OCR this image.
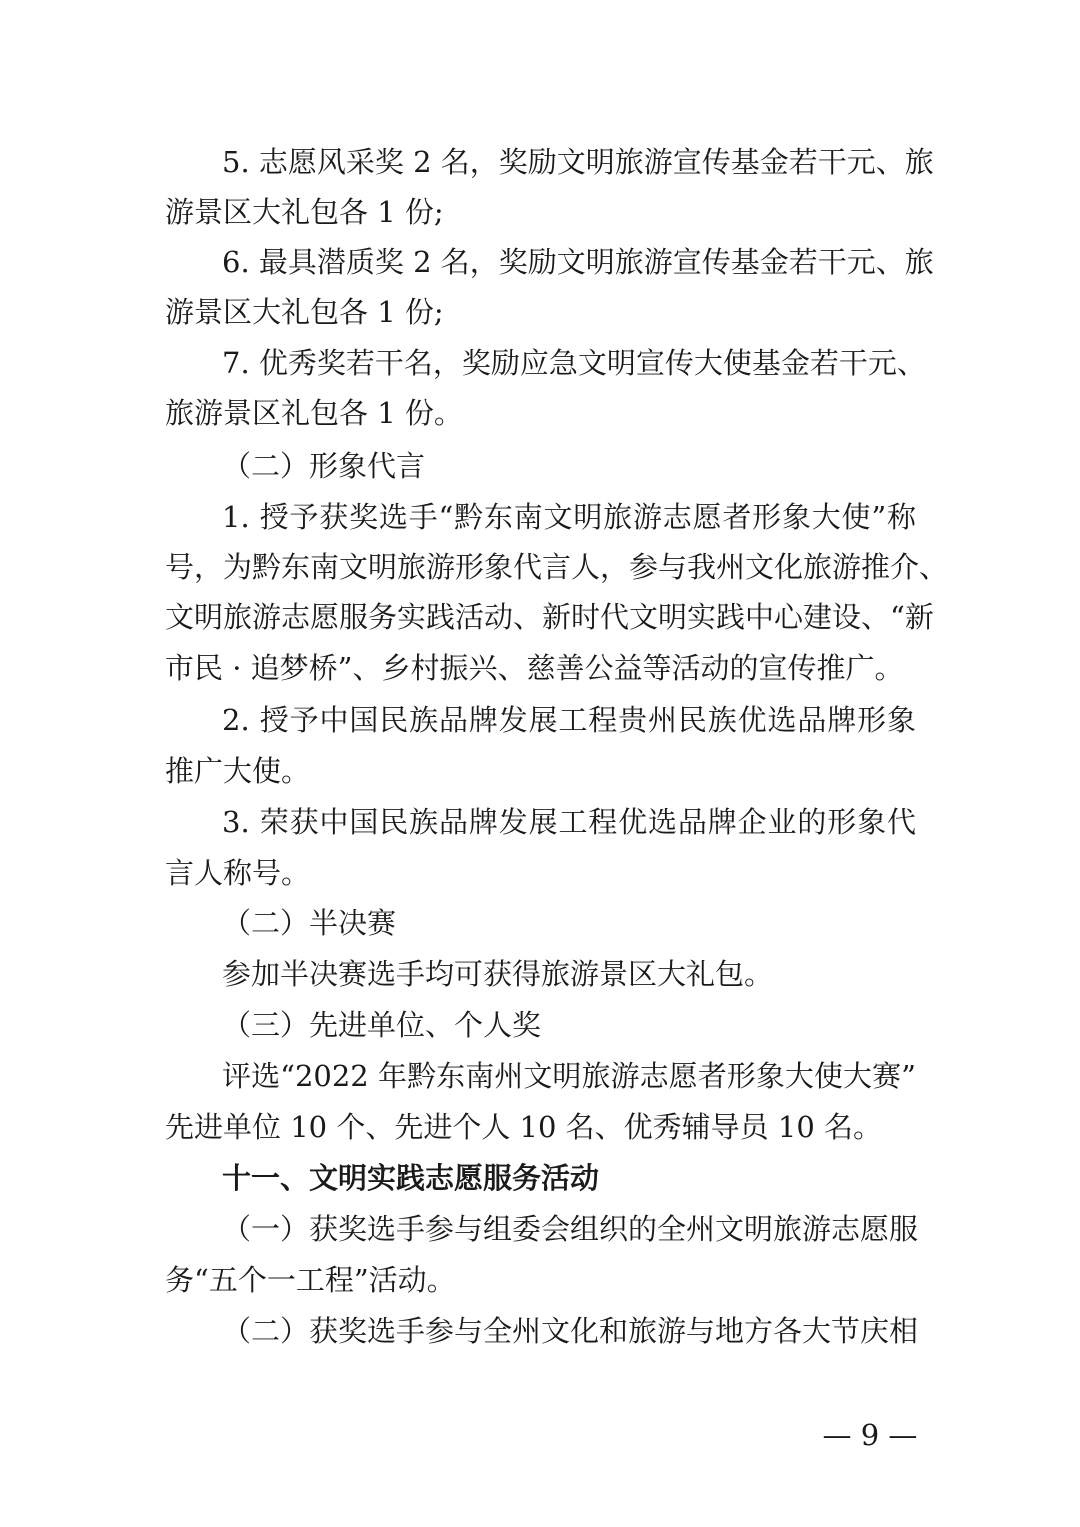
5. 志愿风采奖 2 名，奖励文明旅游宣传基金若干元、旅
游景区大礼包各 1 份;
6. 最具潜质奖 2 名，奖励文明旅游宣传基金若干元、旅
游景区大礼包各 1 份;
7. 优秀奖若干名，奖励应急文明宣传大使基金若干元、
旅游景区礼包各 1 份。
（二）形象代言
1. 授予获奖选手“黔东南文明旅游志愿者形象大使”称
号，为黔东南文明旅游形象代言人，参与我州文化旅游推介、
文明旅游志愿服务实践活动、新时代文明实践中心建设、“新
市民 · 追梦桥”、乡村振兴、慈善公益等活动的宣传推广。
2. 授予中国民族品牌发展工程贵州民族优选品牌形象
推广大使。
3. 荣获中国民族品牌发展工程优选品牌企业的形象代
言人称号。
（二）半决赛
参加半决赛选手均可获得旅游景区大礼包。
（三）先进单位、个人奖
评选“2022 年黔东南州文明旅游志愿者形象大使大赛”
先进单位 10 个、先进个人 10 名、优秀辅导员 10 名。
十一、文明实践志愿服务活动
（一）获奖选手参与组委会组织的全州文明旅游志愿服
务“五个一工程”活动。
（二）获奖选手参与全州文化和旅游与地方各大节庆相
— 9 —
